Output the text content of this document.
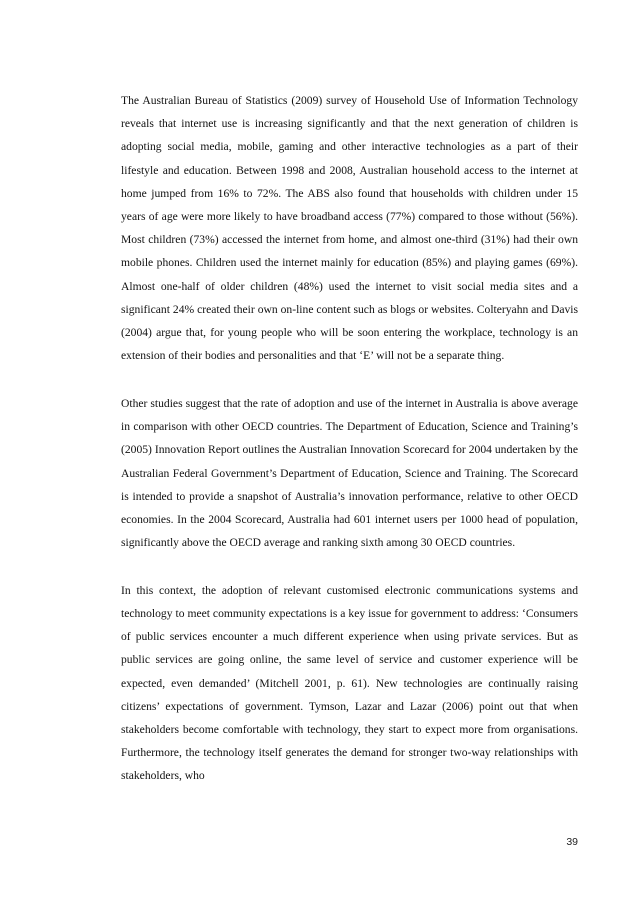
The Australian Bureau of Statistics (2009) survey of Household Use of Information Technology reveals that internet use is increasing significantly and that the next generation of children is adopting social media, mobile, gaming and other interactive technologies as a part of their lifestyle and education. Between 1998 and 2008, Australian household access to the internet at home jumped from 16% to 72%. The ABS also found that households with children under 15 years of age were more likely to have broadband access (77%) compared to those without (56%). Most children (73%) accessed the internet from home, and almost one-third (31%) had their own mobile phones. Children used the internet mainly for education (85%) and playing games (69%). Almost one-half of older children (48%) used the internet to visit social media sites and a significant 24% created their own on-line content such as blogs or websites. Colteryahn and Davis (2004) argue that, for young people who will be soon entering the workplace, technology is an extension of their bodies and personalities and that ‘E’ will not be a separate thing.

Other studies suggest that the rate of adoption and use of the internet in Australia is above average in comparison with other OECD countries. The Department of Education, Science and Training’s (2005) Innovation Report outlines the Australian Innovation Scorecard for 2004 undertaken by the Australian Federal Government’s Department of Education, Science and Training. The Scorecard is intended to provide a snapshot of Australia’s innovation performance, relative to other OECD economies. In the 2004 Scorecard, Australia had 601 internet users per 1000 head of population, significantly above the OECD average and ranking sixth among 30 OECD countries.

In this context, the adoption of relevant customised electronic communications systems and technology to meet community expectations is a key issue for government to address: ‘Consumers of public services encounter a much different experience when using private services. But as public services are going online, the same level of service and customer experience will be expected, even demanded’ (Mitchell 2001, p. 61). New technologies are continually raising citizens’ expectations of government. Tymson, Lazar and Lazar (2006) point out that when stakeholders become comfortable with technology, they start to expect more from organisations. Furthermore, the technology itself generates the demand for stronger two-way relationships with stakeholders, who

39
